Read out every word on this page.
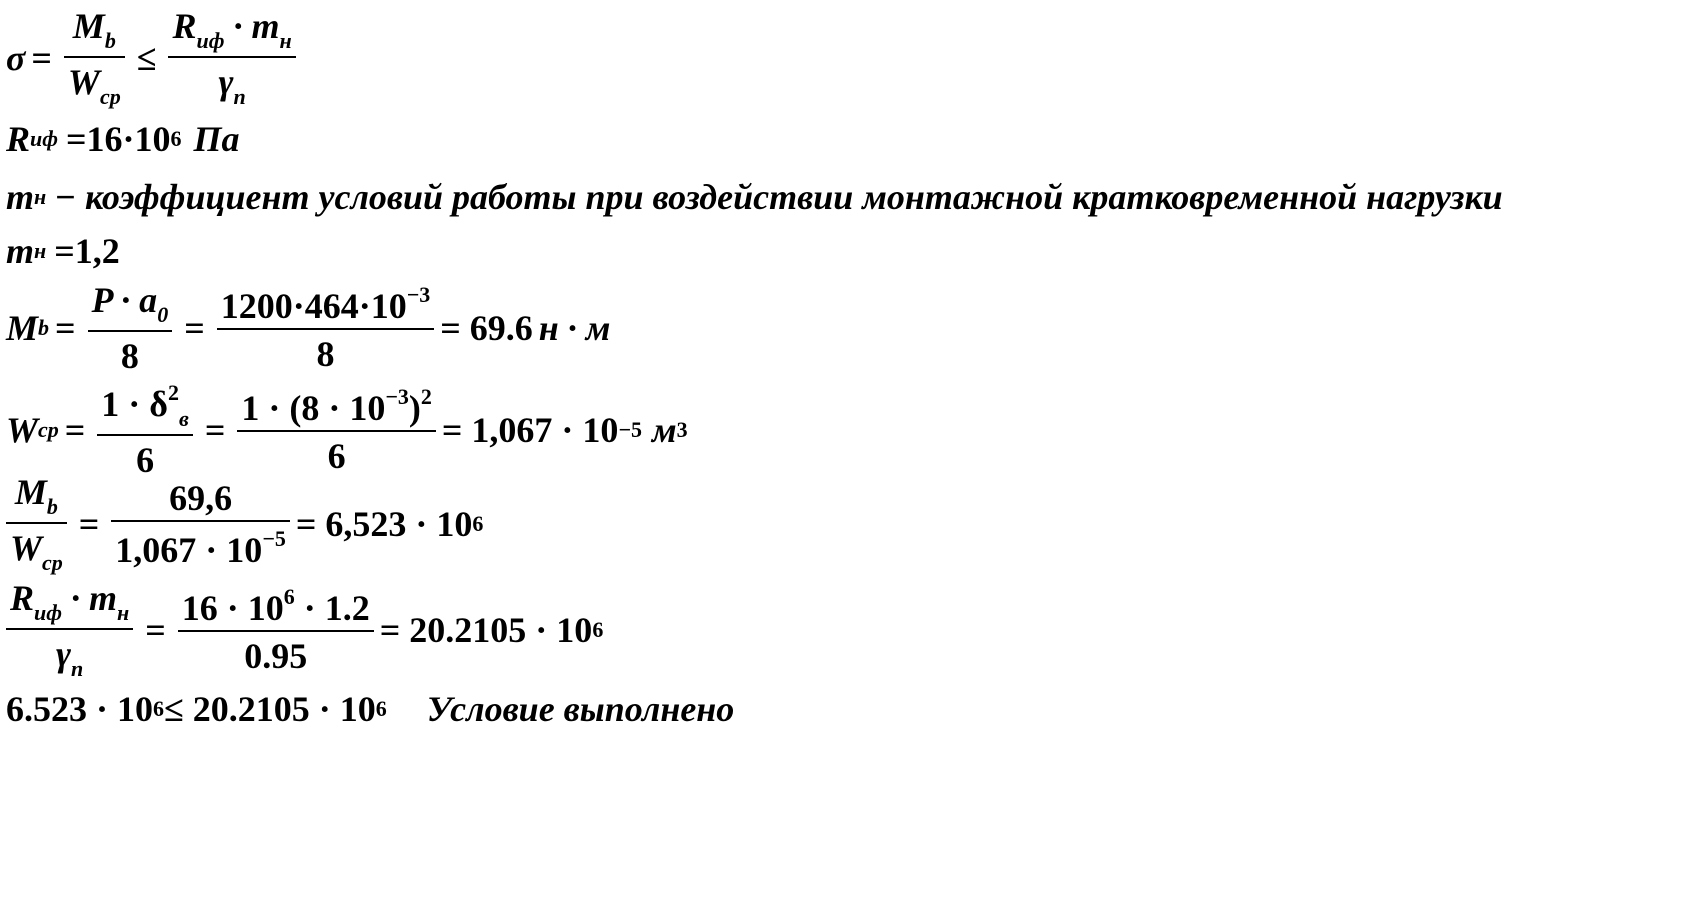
$\sigma = \frac{M_b}{W_{ср}} \le \frac{R_{иф} \cdot m_н}{\gamma_n}$
R иф =16·10 6 Па
m н − коэффициент условий работы при воздействии монтажной кратковременной нагрузки
m н =1,2
M $b = \frac{P \cdot a_0}{8} = \frac{1200\cdot 464\cdot 10^{-3}}{8} = 69.6$ н · м
W ср = $\frac{1 \cdot \delta^2_в}{6} = \frac{1 \cdot (8 \cdot 10^{-3})^2}{6} = 1,067 \cdot 10 -5$ м 3
$\frac{M_b}{W_{ср}} = \frac{69,6}{1,067 \cdot 10^{-5}} = 6,523 \cdot 10$ 6
$\frac{R_{иф} \cdot m_н}{\gamma_n} = \frac{16 \cdot 10^6 \cdot 1.2}{0.95} = 20.2105 \cdot 10$ 6
6.523 · 10 6 ≤ 20.2105 · 10 6 Условие выполнено
